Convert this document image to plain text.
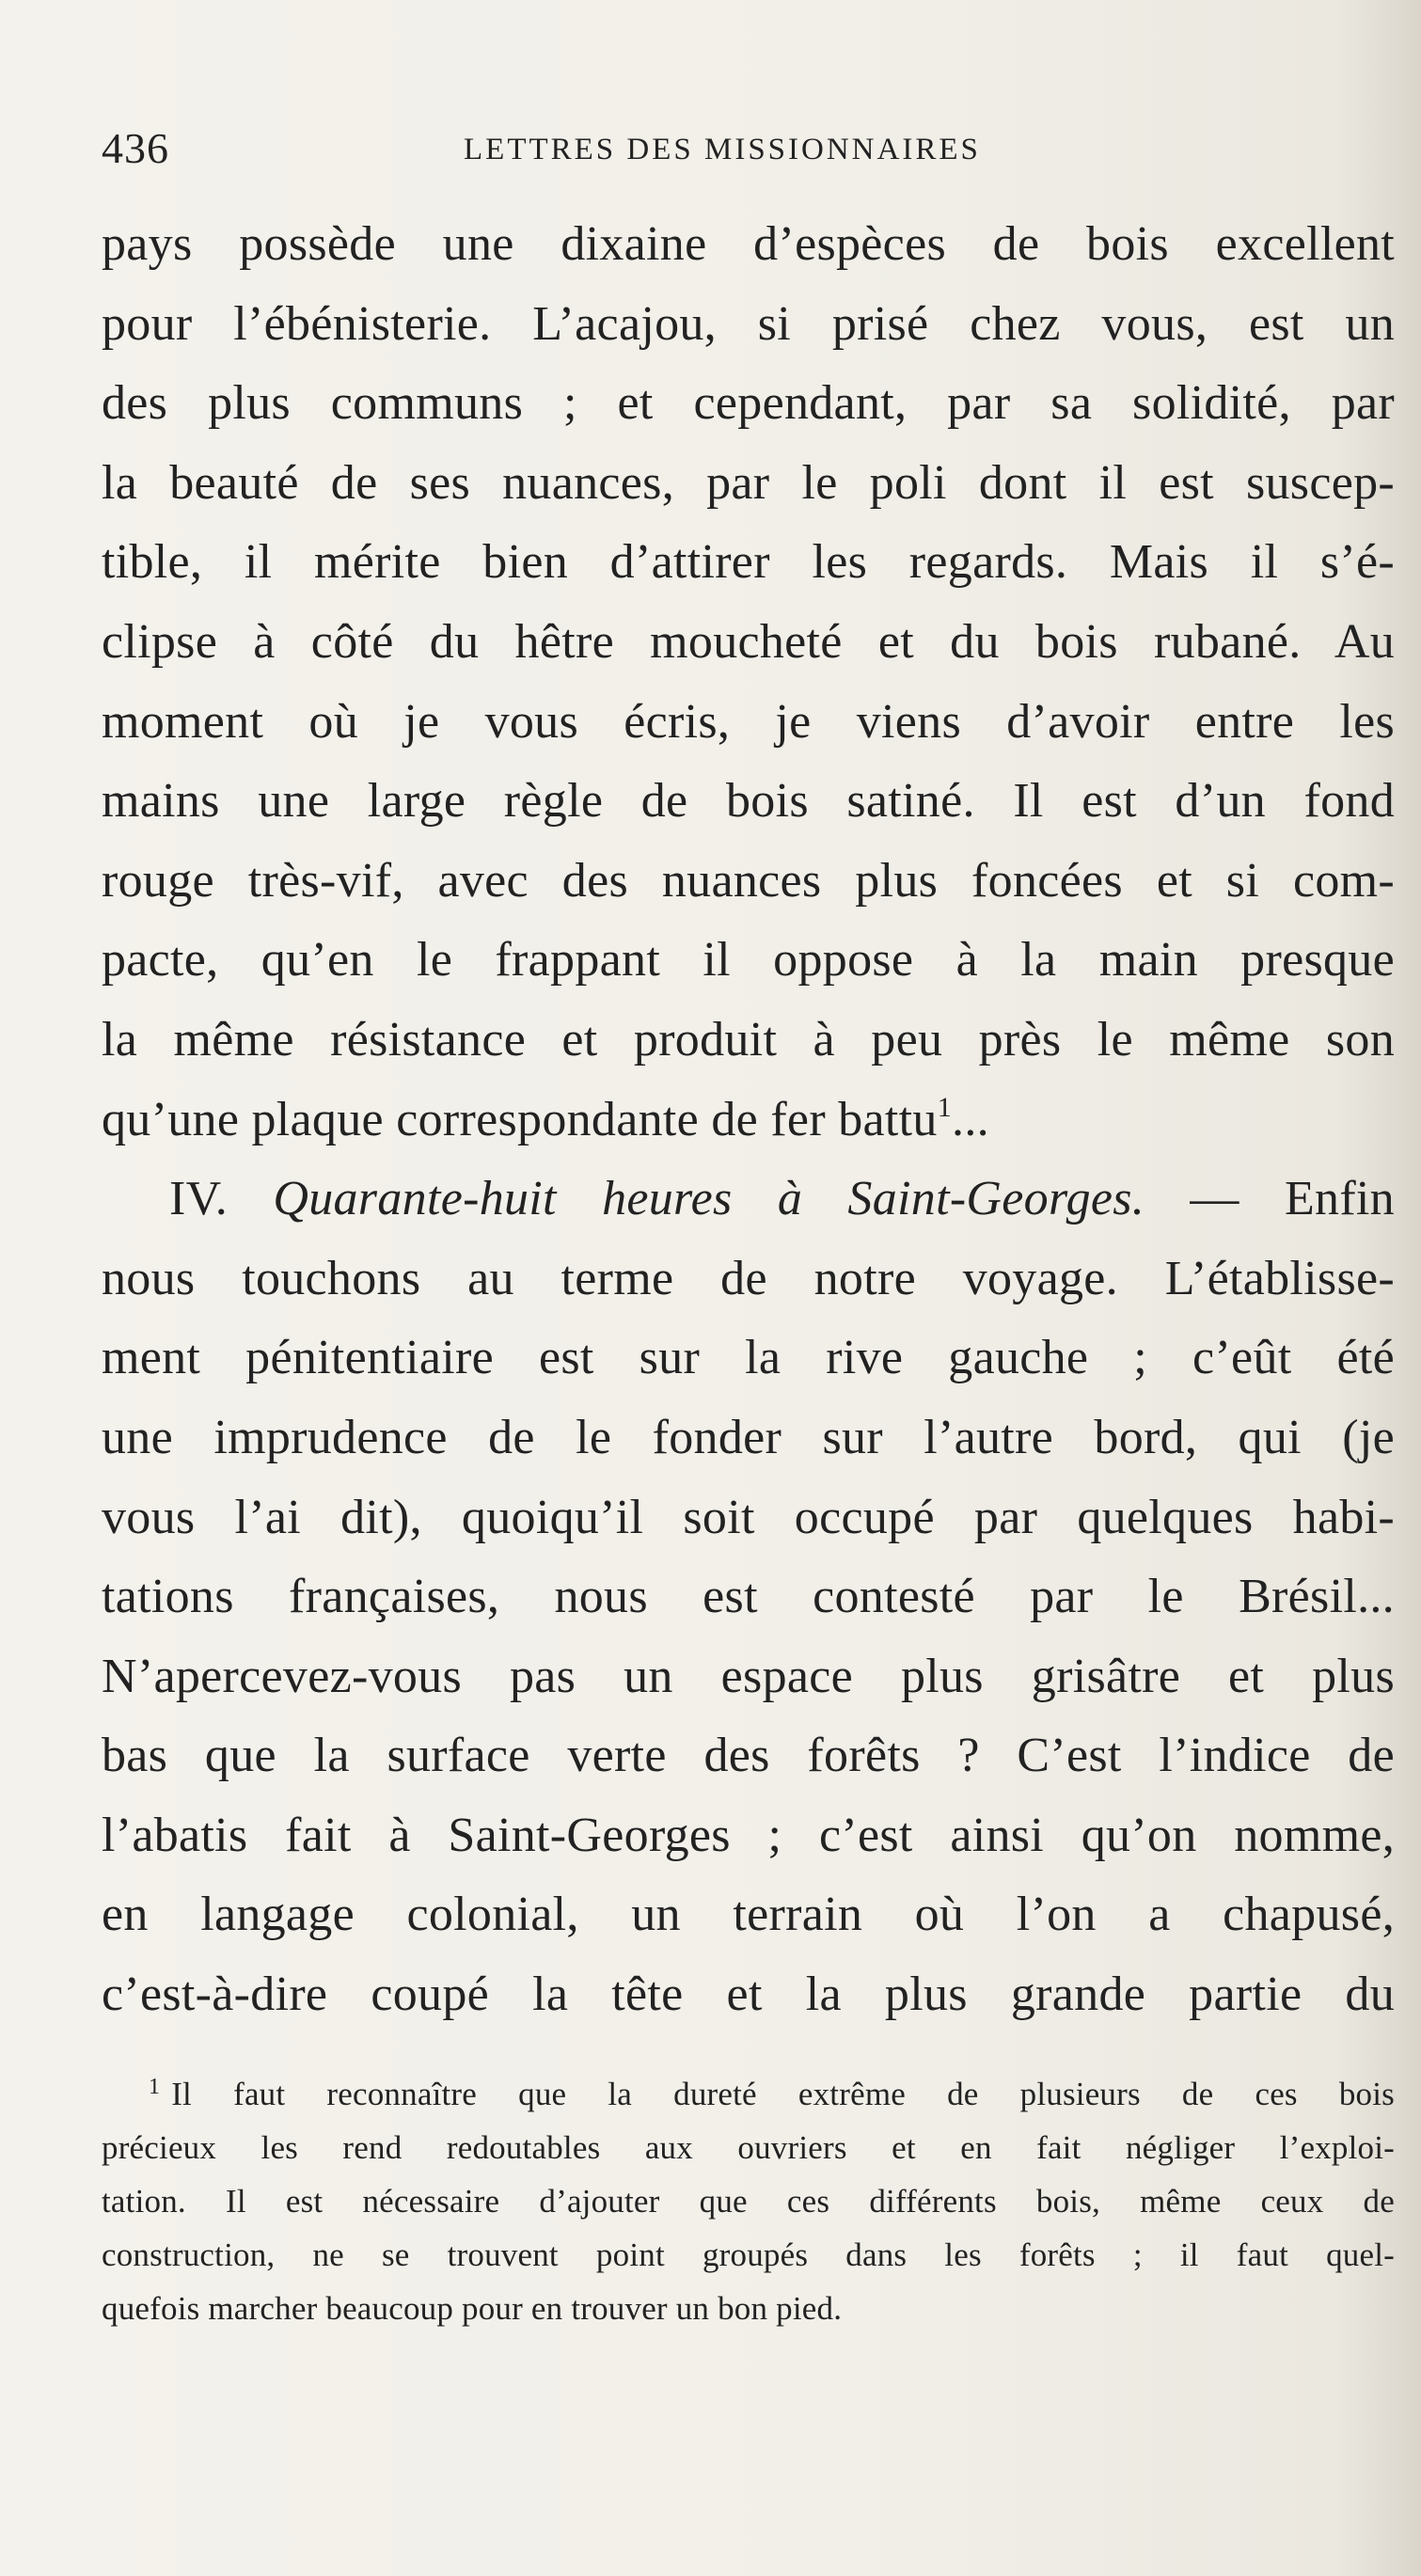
436	LETTRES DES MISSIONNAIRES
pays possède une dixaine d’espèces de bois excellent
pour l’ébénisterie. L’acajou, si prisé chez vous, est un
des plus communs ; et cependant, par sa solidité, par
la beauté de ses nuances, par le poli dont il est suscep-
tible, il mérite bien d’attirer les regards. Mais il s’é-
clipse à côté du hêtre moucheté et du bois rubané. Au
moment où je vous écris, je viens d’avoir entre les
mains une large règle de bois satiné. Il est d’un fond
rouge très-vif, avec des nuances plus foncées et si com-
pacte, qu’en le frappant il oppose à la main presque
la même résistance et produit à peu près le même son
qu’une plaque correspondante de fer battu$^1$...
IV. Quarante-huit heures à Saint-Georges. — Enfin
nous touchons au terme de notre voyage. L’établisse-
ment pénitentiaire est sur la rive gauche ; c’eût été
une imprudence de le fonder sur l’autre bord, qui (je
vous l’ai dit), quoiqu’il soit occupé par quelques habi-
tations françaises, nous est contesté par le Brésil...
N’apercevez-vous pas un espace plus grisâtre et plus
bas que la surface verte des forêts ? C’est l’indice de
l’abatis fait à Saint-Georges ; c’est ainsi qu’on nomme,
en langage colonial, un terrain où l’on a chapusé,
c’est-à-dire coupé la tête et la plus grande partie du
$^1$ Il faut reconnaître que la dureté extrême de plusieurs de ces bois
précieux les rend redoutables aux ouvriers et en fait négliger l’exploi-
tation. Il est nécessaire d’ajouter que ces différents bois, même ceux de
construction, ne se trouvent point groupés dans les forêts ; il faut quel-
quefois marcher beaucoup pour en trouver un bon pied.
